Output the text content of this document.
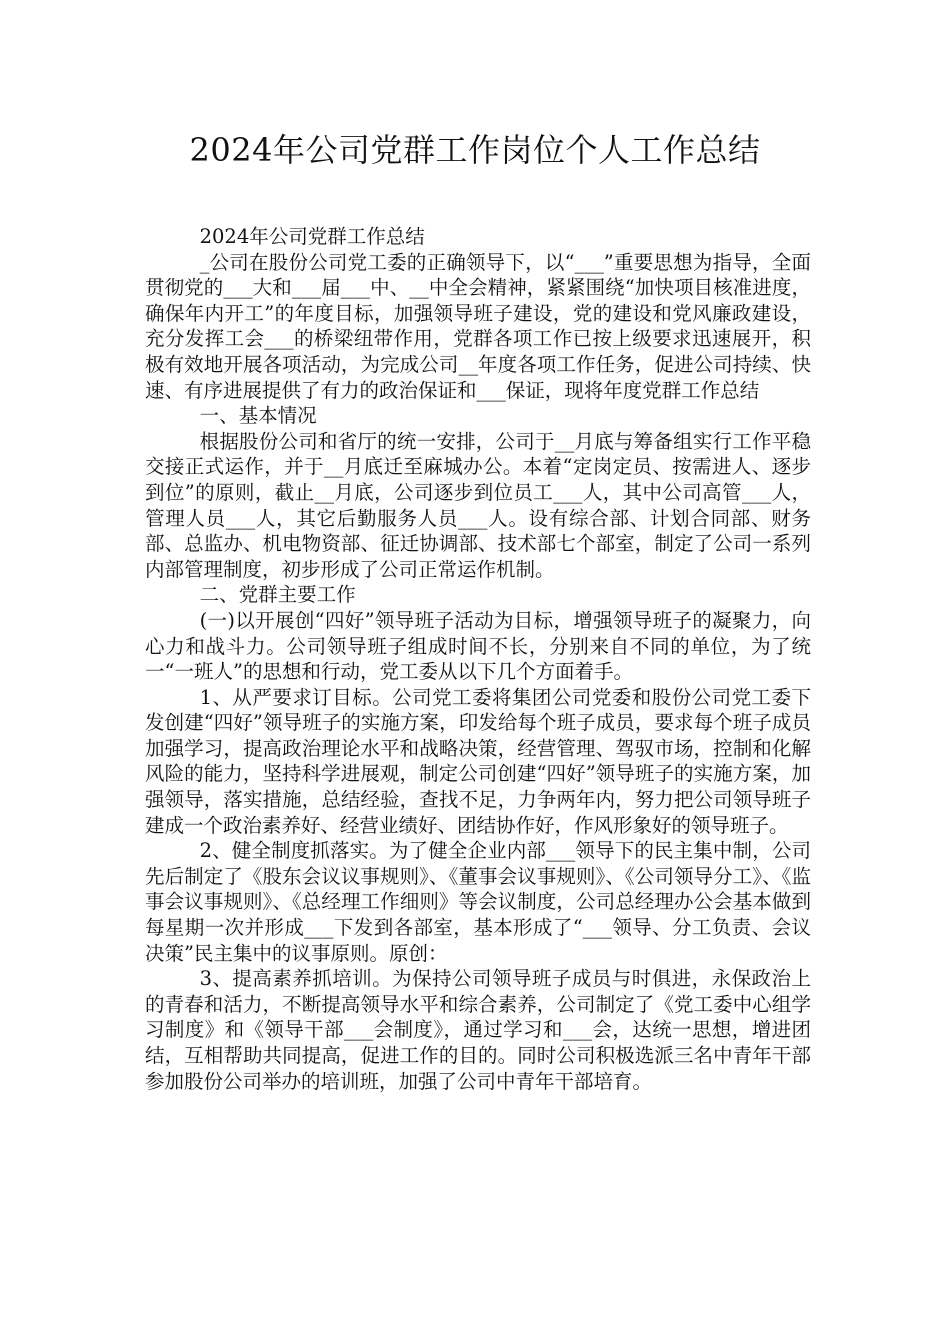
2024年公司党群工作岗位个人工作总结

2024年公司党群工作总结

_公司在股份公司党工委的正确领导下，以“___”重要思想为指导，全面贯彻党的___大和___届___中、__中全会精神，紧紧围绕“加快项目核准进度，确保年内开工”的年度目标，加强领导班子建设，党的建设和党风廉政建设，充分发挥工会___的桥梁纽带作用，党群各项工作已按上级要求迅速展开，积极有效地开展各项活动，为完成公司__年度各项工作任务，促进公司持续、快速、有序进展提供了有力的政治保证和___保证，现将年度党群工作总结

一、基本情况

根据股份公司和省厅的统一安排，公司于__月底与筹备组实行工作平稳交接正式运作，并于__月底迁至麻城办公。本着“定岗定员、按需进人、逐步到位”的原则，截止__月底，公司逐步到位员工___人，其中公司高管___人，管理人员___人，其它后勤服务人员___人。设有综合部、计划合同部、财务部、总监办、机电物资部、征迁协调部、技术部七个部室，制定了公司一系列内部管理制度，初步形成了公司正常运作机制。

二、党群主要工作

(一)以开展创“四好”领导班子活动为目标，增强领导班子的凝聚力，向心力和战斗力。公司领导班子组成时间不长，分别来自不同的单位，为了统一“一班人”的思想和行动，党工委从以下几个方面着手。

1、从严要求订目标。公司党工委将集团公司党委和股份公司党工委下发创建“四好”领导班子的实施方案，印发给每个班子成员，要求每个班子成员加强学习，提高政治理论水平和战略决策，经营管理、驾驭市场，控制和化解风险的能力，坚持科学进展观，制定公司创建“四好”领导班子的实施方案，加强领导，落实措施，总结经验，查找不足，力争两年内，努力把公司领导班子建成一个政治素养好、经营业绩好、团结协作好，作风形象好的领导班子。

2、健全制度抓落实。为了健全企业内部___领导下的民主集中制，公司先后制定了《股东会议议事规则》、《董事会议事规则》、《公司领导分工》、《监事会议事规则》、《总经理工作细则》等会议制度，公司总经理办公会基本做到每星期一次并形成___下发到各部室，基本形成了“___领导、分工负责、会议决策”民主集中的议事原则。原创：

3、提高素养抓培训。为保持公司领导班子成员与时俱进，永保政治上的青春和活力，不断提高领导水平和综合素养，公司制定了《党工委中心组学习制度》和《领导干部___会制度》，通过学习和___会，达统一思想，增进团结，互相帮助共同提高，促进工作的目的。同时公司积极选派三名中青年干部参加股份公司举办的培训班，加强了公司中青年干部培育。
